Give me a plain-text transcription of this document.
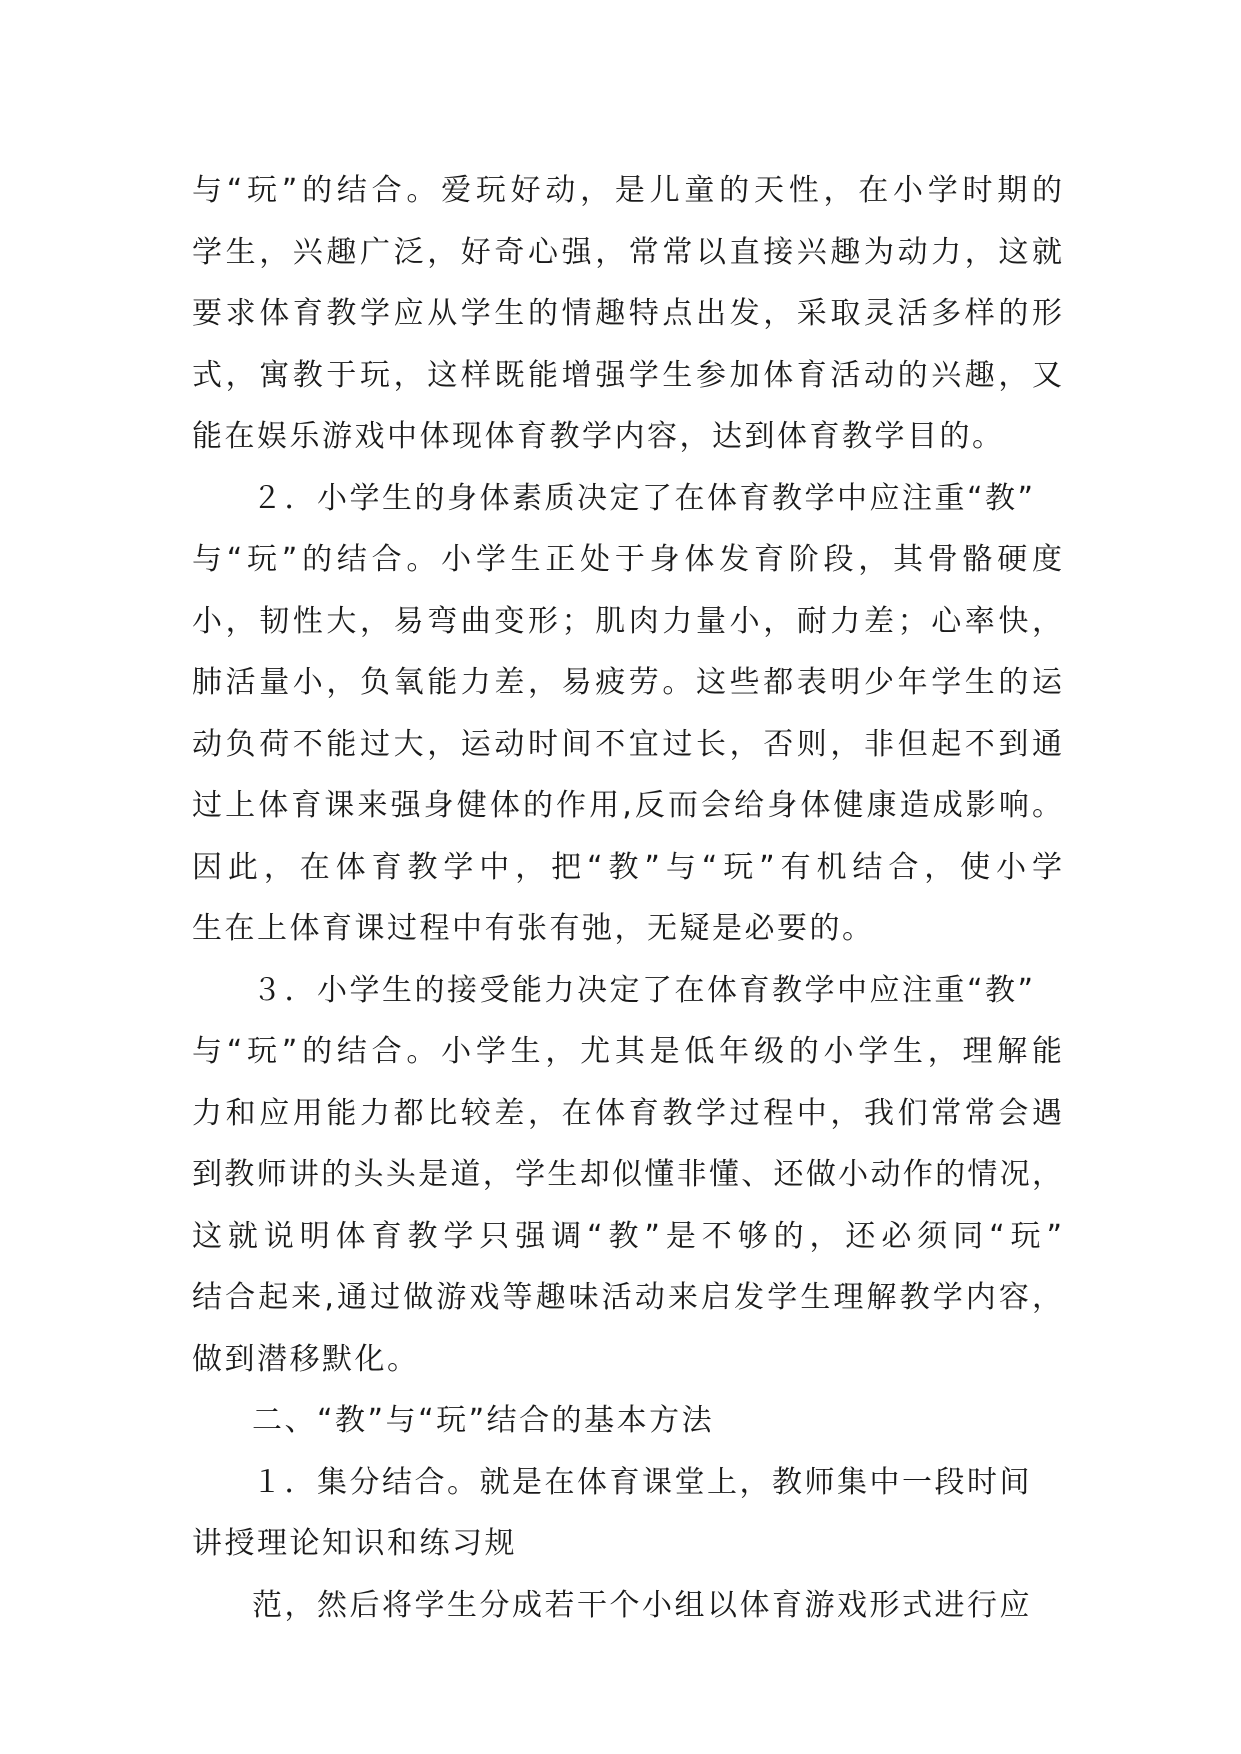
与“玩”的结合。爱玩好动，是儿童的天性，在小学时期的
学生，兴趣广泛，好奇心强，常常以直接兴趣为动力，这就
要求体育教学应从学生的情趣特点出发，采取灵活多样的形
式，寓教于玩，这样既能增强学生参加体育活动的兴趣，又
能在娱乐游戏中体现体育教学内容，达到体育教学目的。
２．小学生的身体素质决定了在体育教学中应注重“教”
与“玩”的结合。小学生正处于身体发育阶段，其骨骼硬度
小，韧性大，易弯曲变形；肌肉力量小，耐力差；心率快，
肺活量小，负氧能力差，易疲劳。这些都表明少年学生的运
动负荷不能过大，运动时间不宜过长，否则，非但起不到通
过上体育课来强身健体的作用,反而会给身体健康造成影响。
因此，在体育教学中，把“教”与“玩”有机结合，使小学
生在上体育课过程中有张有弛，无疑是必要的。
３．小学生的接受能力决定了在体育教学中应注重“教”
与“玩”的结合。小学生，尤其是低年级的小学生，理解能
力和应用能力都比较差，在体育教学过程中，我们常常会遇
到教师讲的头头是道，学生却似懂非懂、还做小动作的情况，
这就说明体育教学只强调“教”是不够的，还必须同“玩”
结合起来,通过做游戏等趣味活动来启发学生理解教学内容，
做到潜移默化。
二、“教”与“玩”结合的基本方法
１．集分结合。就是在体育课堂上，教师集中一段时间
讲授理论知识和练习规
范，然后将学生分成若干个小组以体育游戏形式进行应
